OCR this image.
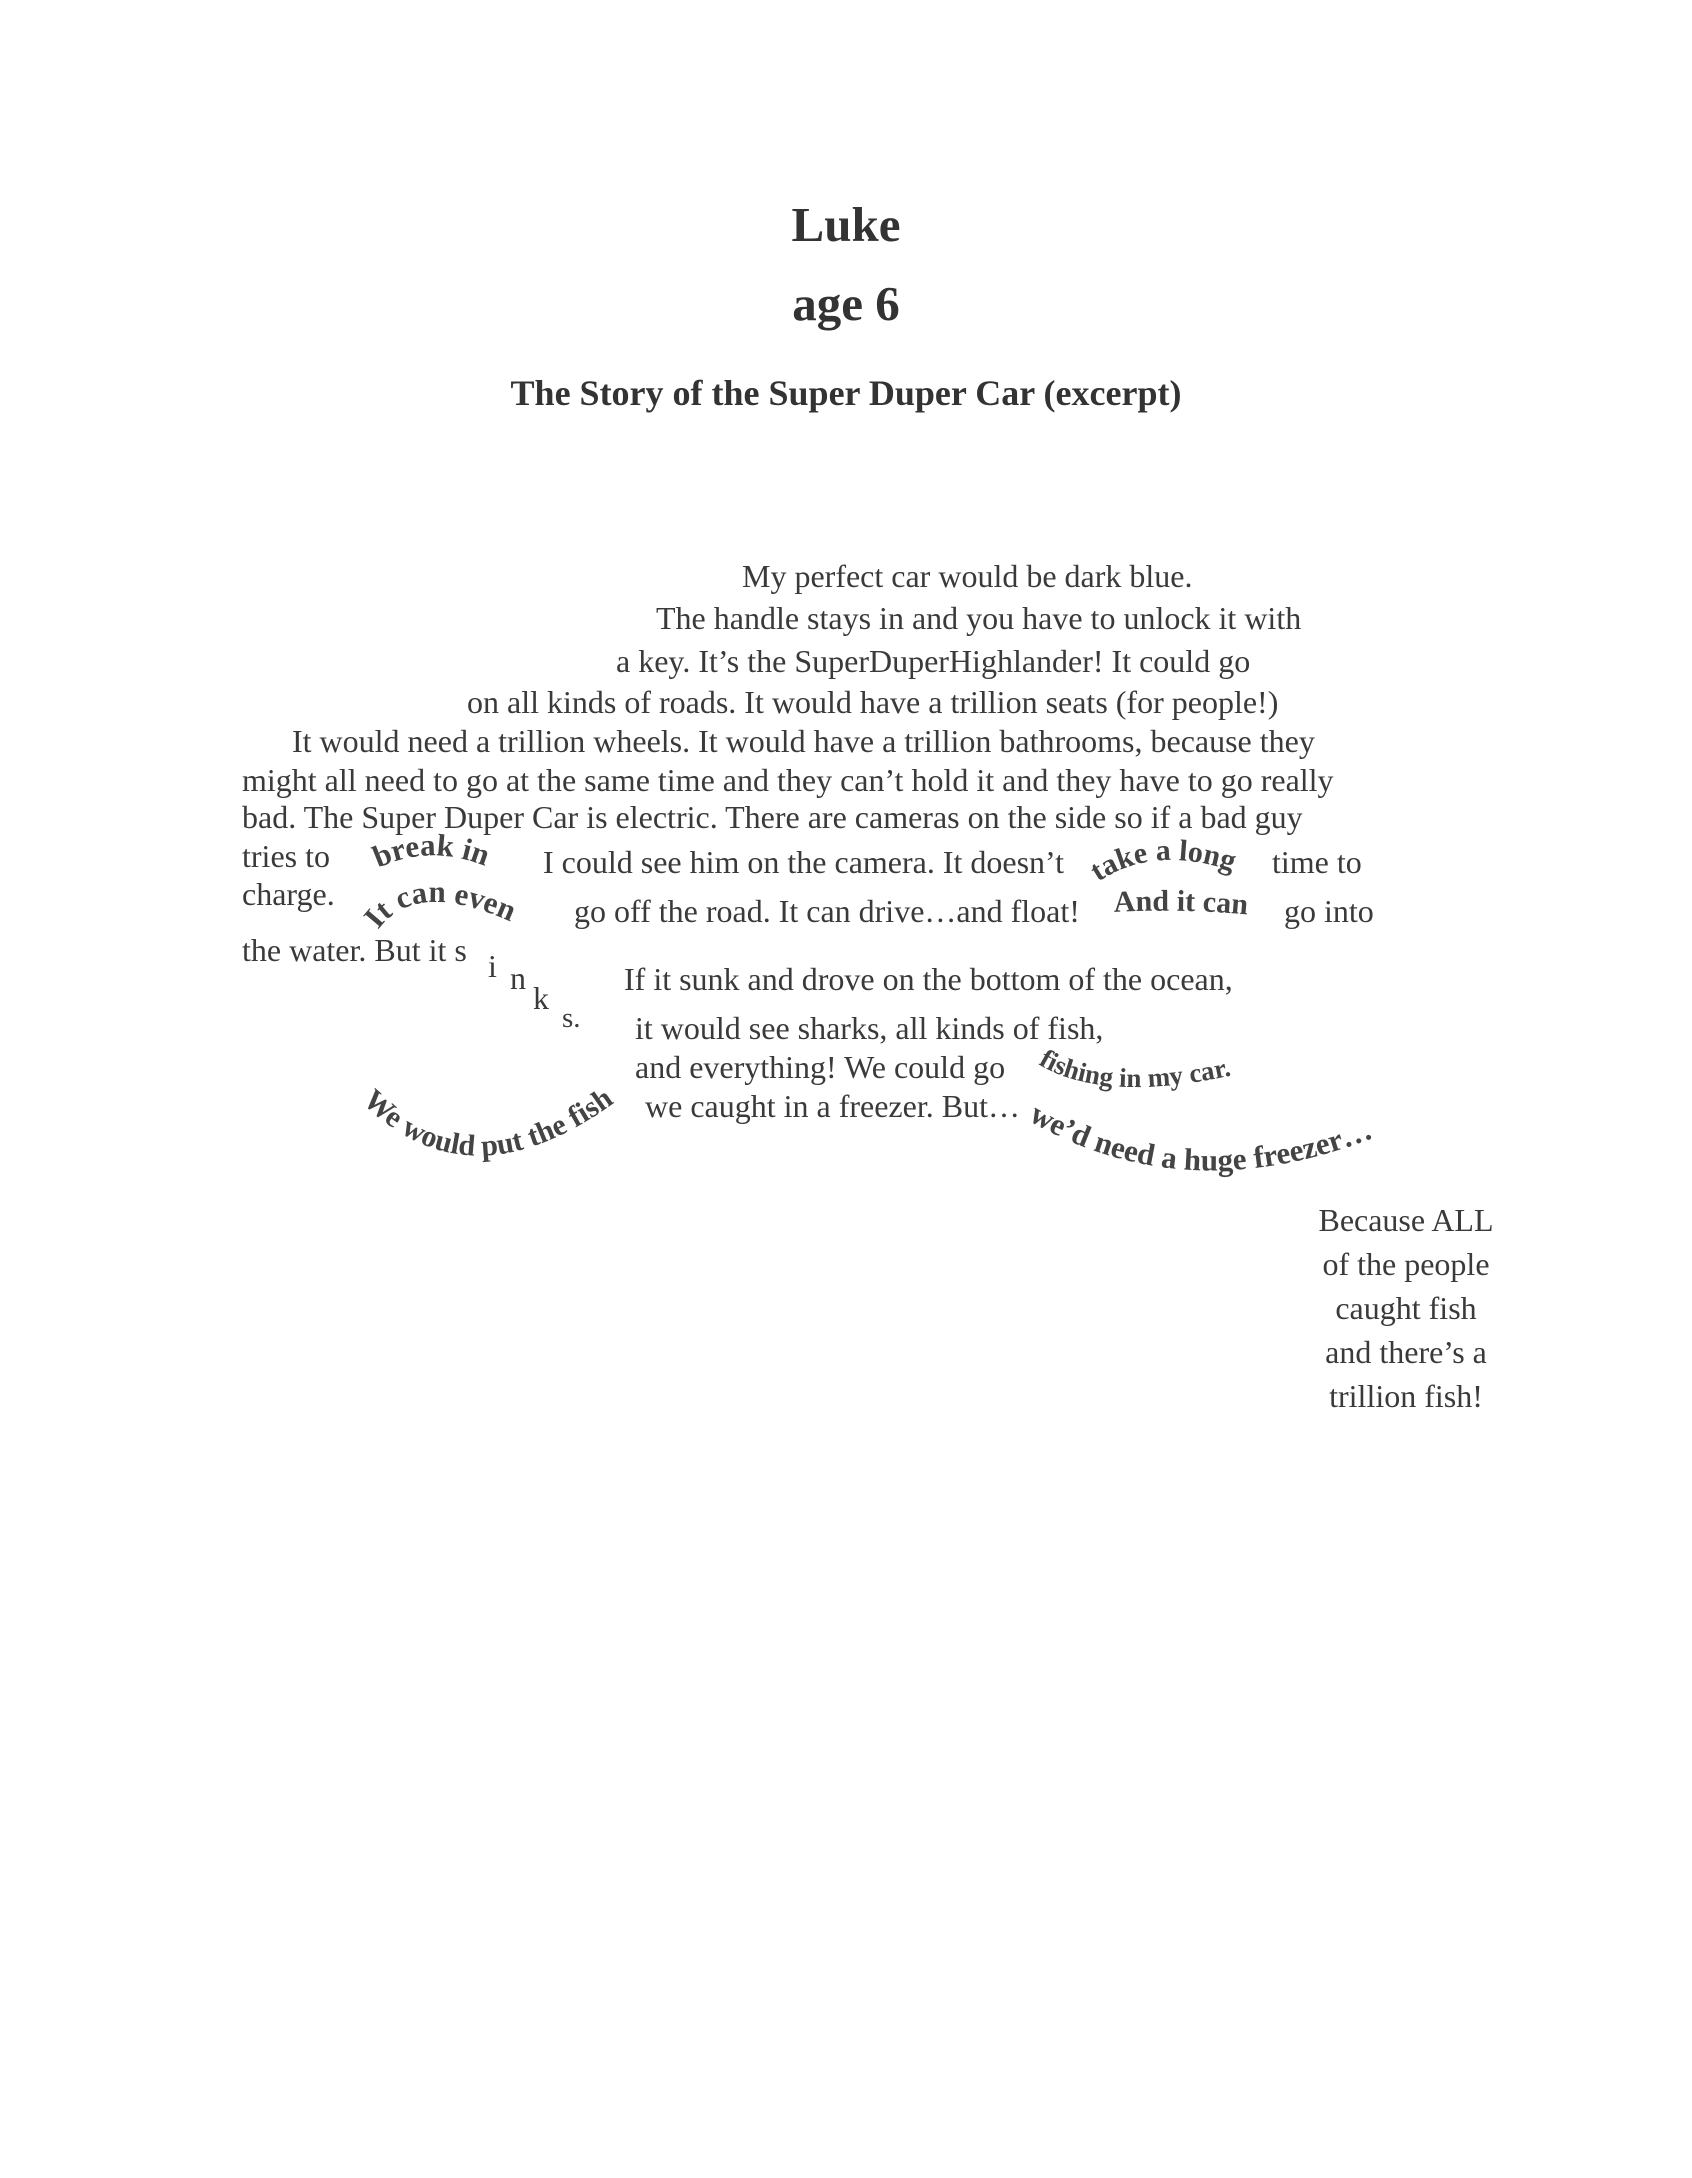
Luke
age 6
The Story of the Super Duper Car (excerpt)
My perfect car would be dark blue.
The handle stays in and you have to unlock it with
a key. It’s the SuperDuperHighlander! It could go
on all kinds of roads. It would have a trillion seats (for people!)
It would need a trillion wheels. It would have a trillion bathrooms, because they
might all need to go at the same time and they can’t hold it and they have to go really
bad. The Super Duper Car is electric. There are cameras on the side so if a bad guy
tries to	I could see him on the camera. It doesn’t	time to
charge.	go off the road. It can drive…and float!	go into
the water. But it s i n
k
s.
If it sunk and drove on the bottom of the ocean,
it would see sharks, all kinds of fish,
and everything! We could go
we caught in a freezer. But…
Because ALL
of the people
caught fish
and there’s a
trillion fish!
break in
It can even
take a long
And it can
fishing in my car.
We would put the fish	we’d need a huge freezer…
